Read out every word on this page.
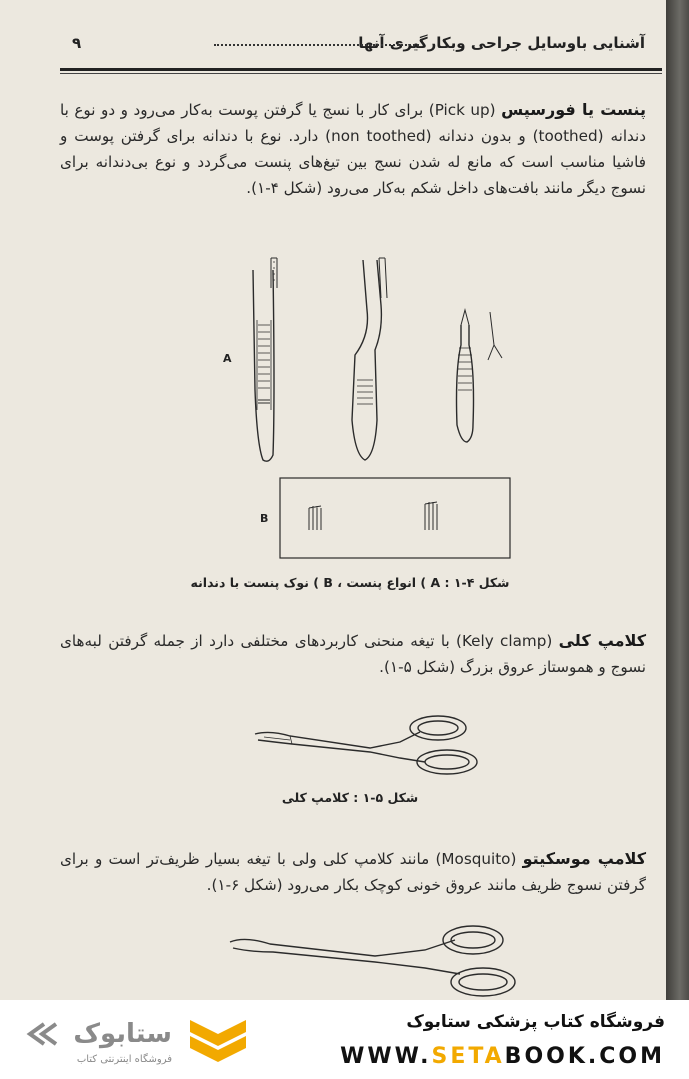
آشنایی باوسایل جراحی وبکارگیری آنها
۹
پنست یا فورسپس (Pick up) برای کار با نسج یا گرفتن پوست به‌کار می‌رود و دو نوع با دندانه (toothed) و بدون دندانه (non toothed) دارد. نوع با دندانه برای گرفتن پوست و فاشیا مناسب است که مانع له شدن نسج بین تیغ‌های پنست می‌گردد و نوع بی‌دندانه برای نسوج دیگر مانند بافت‌های داخل شکم به‌کار می‌رود (شکل ۴-۱).
A
B
شکل ۴-۱ : A ) انواع پنست ، B ) نوک پنست با دندانه
کلامپ کلی (Kely clamp) با تیغه منحنی کاربردهای مختلفی دارد از جمله گرفتن لبه‌های نسوج و هموستاز عروق بزرگ (شکل ۵-۱).
شکل ۵-۱ : کلامپ کلی
کلامپ موسکیتو (Mosquito) مانند کلامپ کلی ولی با تیغه بسیار ظریف‌تر است و برای گرفتن نسوج ظریف مانند عروق خونی کوچک بکار می‌رود (شکل ۶-۱).
ستابوک
فروشگاه اینترنتی کتاب
فروشگاه کتاب پزشکی ستابوک
WWW.SETABOOK.COM
